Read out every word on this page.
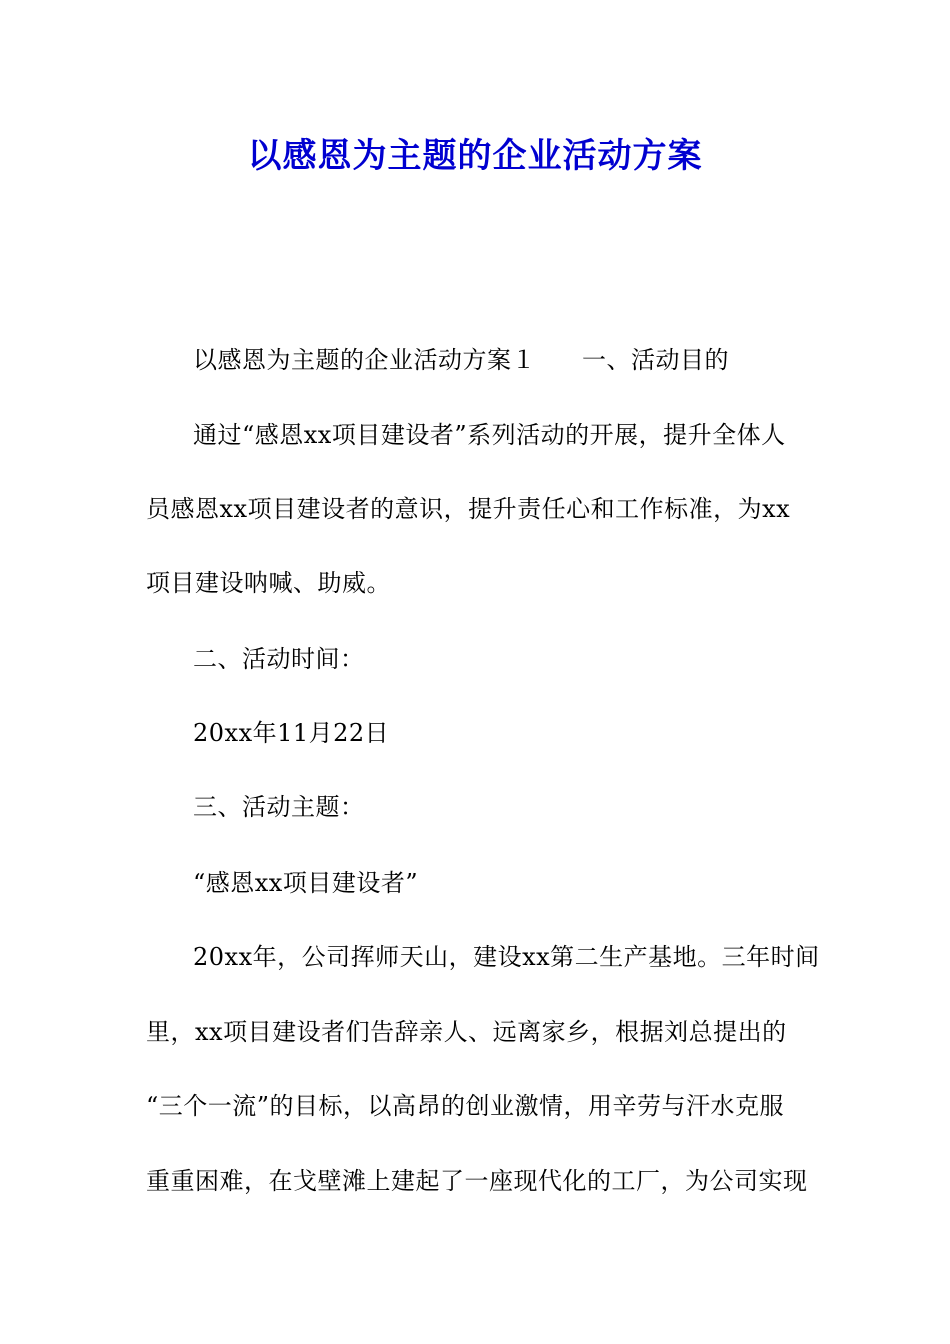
以感恩为主题的企业活动方案
以感恩为主题的企业活动方案１ 一、活动目的
通过“感恩xx项目建设者”系列活动的开展，提升全体人
员感恩xx项目建设者的意识，提升责任心和工作标准，为xx
项目建设呐喊、助威。
二、活动时间：
20xx年11月22日
三、活动主题：
“感恩xx项目建设者”
20xx年，公司挥师天山，建设xx第二生产基地。三年时间
里，xx项目建设者们告辞亲人、远离家乡，根据刘总提出的
“三个一流”的目标，以高昂的创业激情，用辛劳与汗水克服
重重困难，在戈壁滩上建起了一座现代化的工厂，为公司实现
